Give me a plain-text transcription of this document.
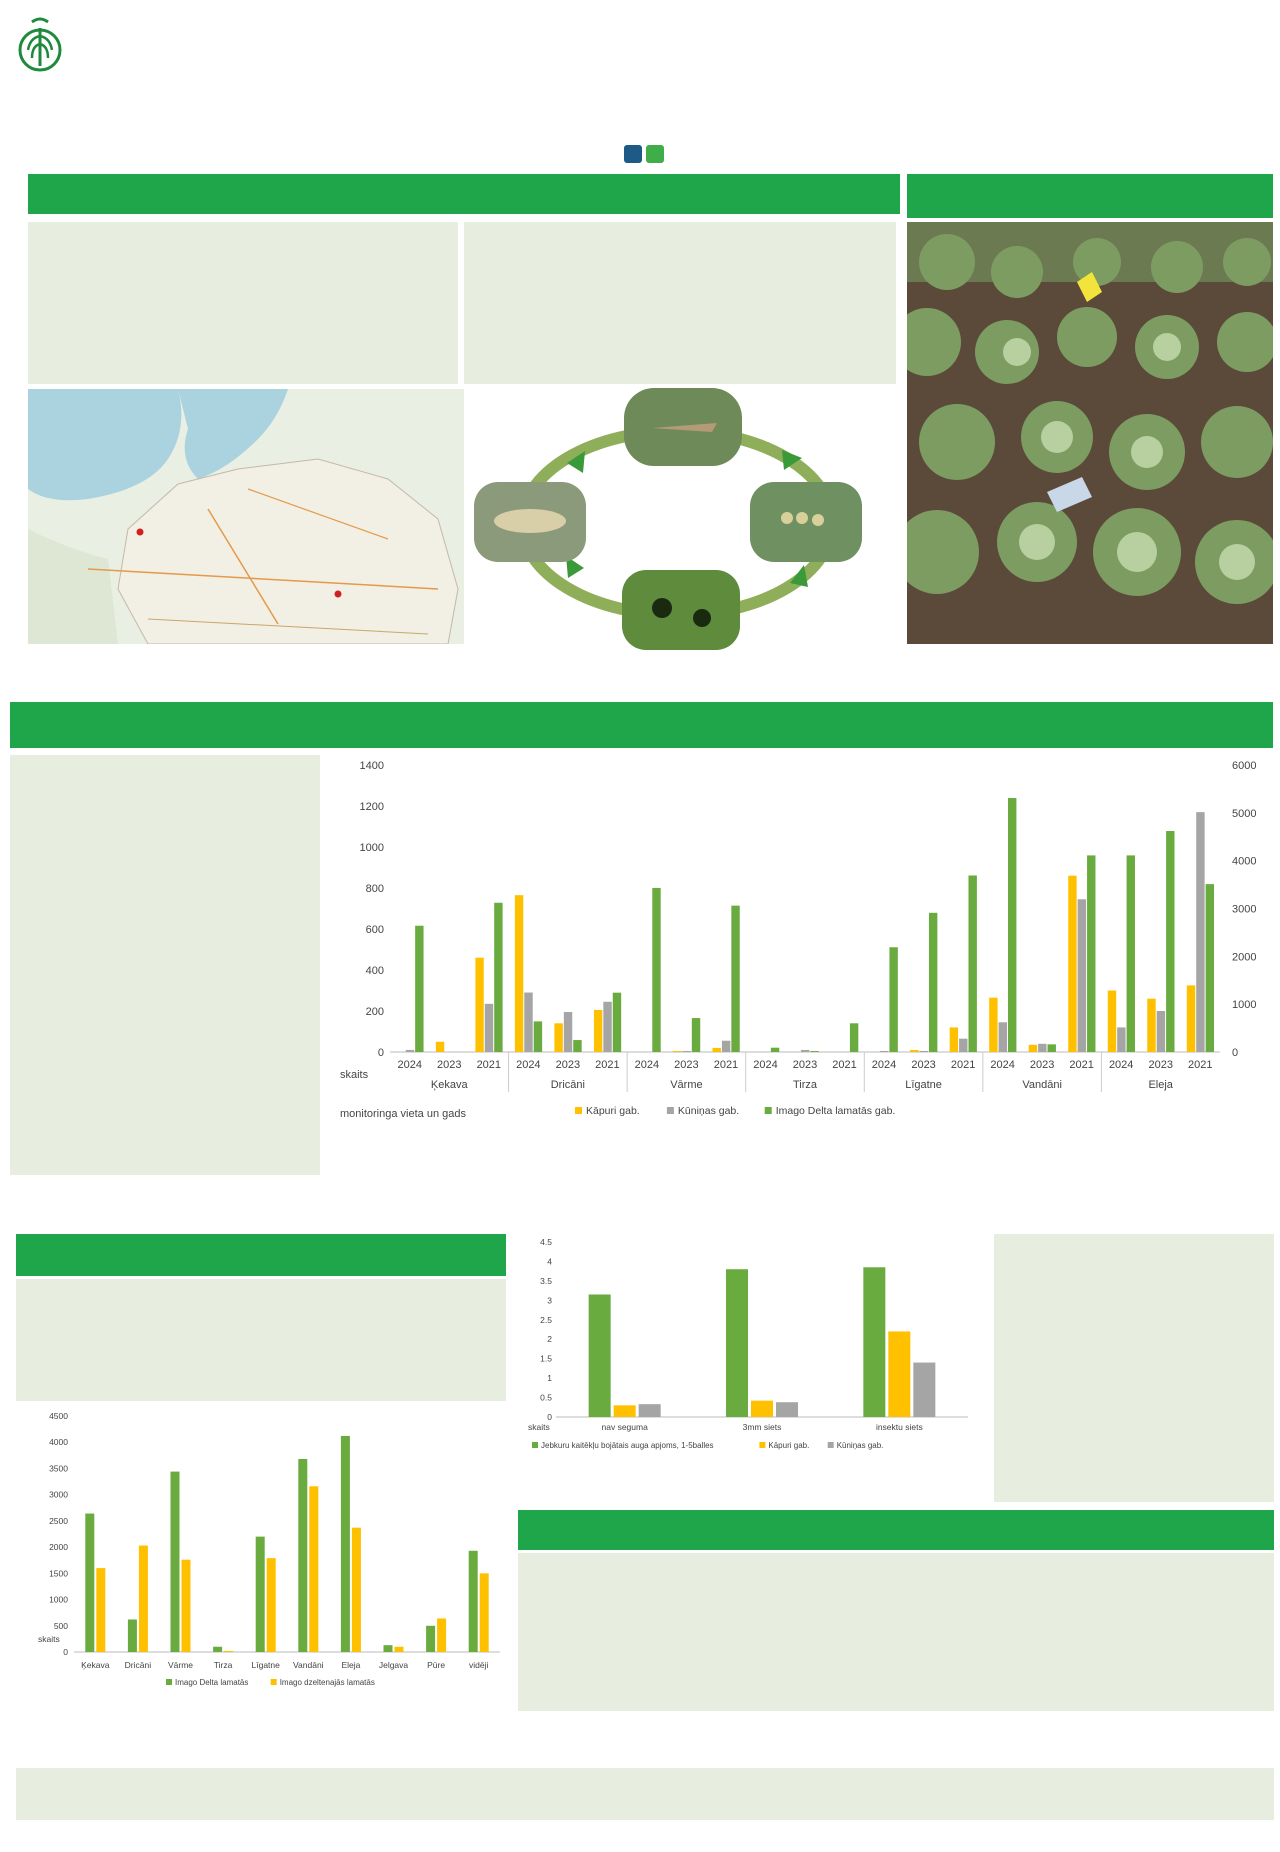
0
200
400
600
800
1000
1200
1400
0
1000
2000
3000
4000
5000
6000
Ķekava
2024 2023 2021
Dricāni
2024 2023 2021
Vārme
2024 2023 2021
Tirza
2024 2023 2021
Līgatne
2024 2023 2021
Vandāni
2024 2023 2021
Eleja
2024 2023 2021
skaits
monitoringa vieta un gads	Kāpuri gab.	Kūniņas gab.	Imago Delta lamatās gab.
0
500
1000
1500
2000
2500
3000
3500
4000
4500
Ķekava Dricāni Vārme Tirza Līgatne Vandāni Eleja Jelgava Pūre	vidēji
skaits
Imago Delta lamatās	Imago dzeltenajās lamatās
0
0.5
1
1.5
2
2.5
3
3.5
4
4.5
nav seguma	3mm siets	insektu siets
skaits
Jebkuru kaitēkļu bojātais auga apjoms, 1-5balles	Kāpuri gab.	Kūniņas gab.
